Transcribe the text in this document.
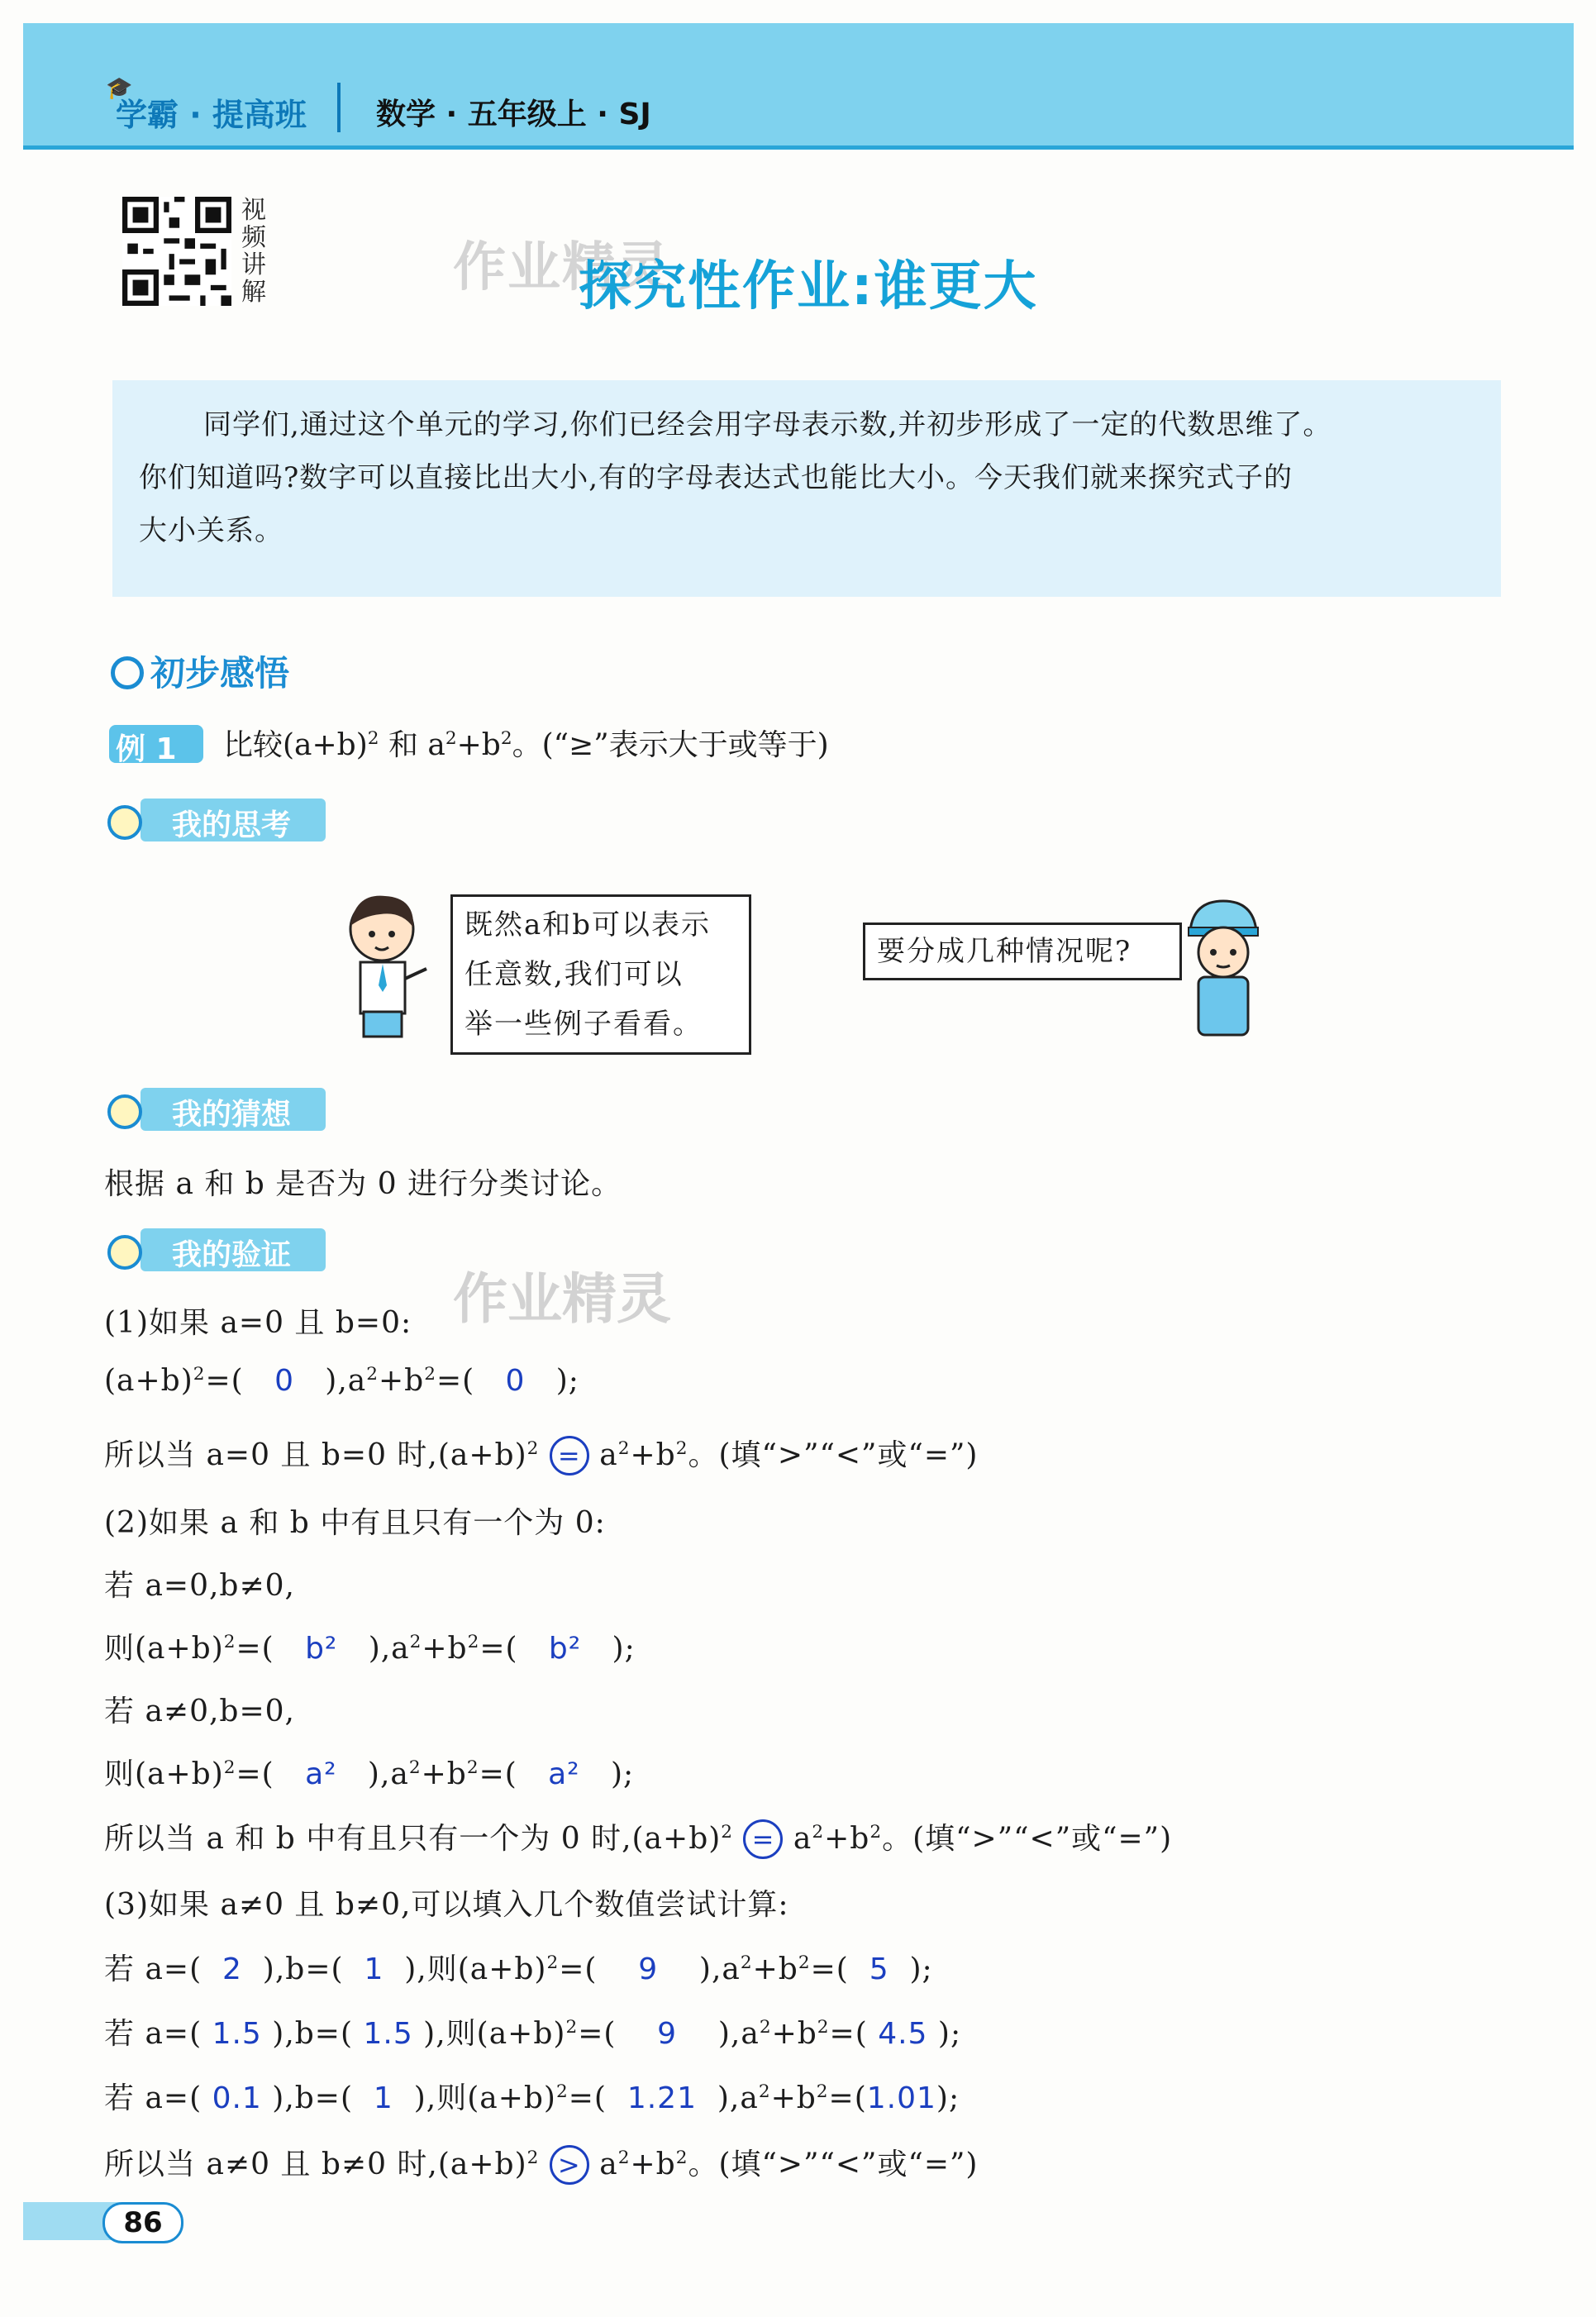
🎓
学霸 · 提高班 数学 · 五年级上 · SJ
视
频
讲
解	作业精灵
探究性作业:谁更大
同学们,通过这个单元的学习,你们已经会用字母表示数,并初步形成了一定的代数思维了。
你们知道吗?数字可以直接比出大小,有的字母表达式也能比大小。今天我们就来探究式子的
大小关系。
初步感悟
例 1 比较$(a+b)^2$ 和 $a^2+b^2$。(“≥”表示大于或等于)
我的思考
既然a和b可以表示
任意数,我们可以
举一些例子看看。
要分成几种情况呢?
我的猜想
根据 a 和 b 是否为 0 进行分类讨论。
我的验证
作业精灵
(1)如果 a=0 且 b=0:
$(a+b)^2=$(   0   )$,a^2+b^2=$(   0   );
所以当 a=0 且 b=0 时$,(a+b)^2 = a^2+b^2$。(填“>”“<”或“=”)
(2)如果 a 和 b 中有且只有一个为 0:
若 a=0,b≠0,
则$(a+b)^2=$(   b²   )$,a^2+b^2=$(   b²   );
若 a≠0,b=0,
则$(a+b)^2=$(   a²   )$,a^2+b^2=$(   a²   );
所以当 a 和 b 中有且只有一个为 0 时$,(a+b)^2 = a^2+b^2$。(填“>”“<”或“=”)
(3)如果 a≠0 且 b≠0,可以填入几个数值尝试计算:
若 a=(  2  ),b=(  1  ),则$(a+b)^2=$(    9    )$,a^2+b^2=$(  5  );
若 a=( 1.5 ),b=( 1.5 ),则$(a+b)^2=$(    9    )$,a^2+b^2=$( 4.5 );
若 a=( 0.1 ),b=(  1  ),则$(a+b)^2=$(  1.21  )$,a^2+b^2=(1.01)$;
所以当 a≠0 且 b≠0 时$,(a+b)^2 > a^2+b^2$。(填“>”“<”或“=”)
86
